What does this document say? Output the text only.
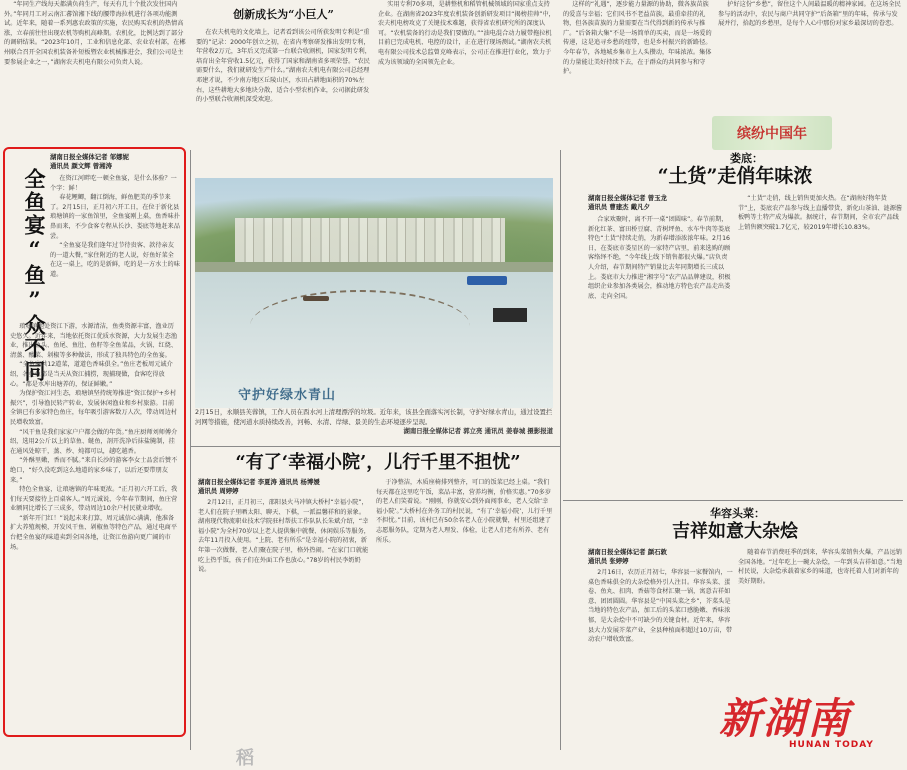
“年同生产线每天都满负荷生产，每天有几十个批次发往国内外。”年同月工对云南汇蕃馆湘下线的腰带海拉机进行各项功能测试。近年来，随着一系列惠农政策的实施，农民购买农机的热情高涨，立春前往往出现农机等购机高峰期。农机化，比例达到了部分的调研结果。“2023年10月，工业和信息化部、农业农村部，在郴州联合召开全国农机装备补短板暨农业机械推进会，我们公司是主要参展企业之一，”湖南农夫机电有限公司负责人说。

创新成长为“小巨人”

在农夫机电的文化墙上，记者看到该公司所获发明专利是“重要的”记录：2000年创立之初，在省内考察研发推出发明专利，年营收2万元，3年后又完成第一台联合收割机，国家发明专利，培育出全年营收1.5亿元，获得了国家和湖南省多项荣誉。“农民需要什么，我们就研发生产什么。”湖南农夫机电有限公司总经理邓建才说，不少南方地区丘陵山区，水田占耕地面积的70%左右，这些耕地大多地块分散，适合小型农机作业，公司据此研发的小型联合收割机深受欢迎。

实用专利70多项，是耕整机和稻管机械领域的国家重点支持企业。在湖南省2023年度农机装备创新研发项目“揭榜挂帅”中，农夫机电榜攻克了关键技术难题，获得省农机研究所的深度认可。“农机装备的行动是我们要做的。”“油电混合动力履带拖拉机目前已完成电机、电控的设计，正在进行现场测试。”湖南农夫机电有限公司技术总监曾克峰表示，公司正在推进行业化，致力于成为该领域的全国领先企业。

这样的“礼遇”，逐步能力量源的协助，微各族苗族的爱喜与幸福；它们风书不老益苗族，最重牵挂的礼物，但各族苗族的力量需要在当代得到新的传承与推广。“后备箱大集”不是一场简单的买卖，而是一场爱的传递，这是追寻乡愁的纽带，也是乡村振兴的新路径。今年春节，各地城乡集市上人头攒动，年味浓浓。集体的力量能让美好持续下去，在于群众的共同参与和守护。

护好这份“乡愁”，留住这个人间最温暖的精神家园。在这场全民参与的活动中，农民与商户共同守护“后备箱”里的年味，传承与发展并行，拾起的乡愁里，是每个人心中那份对家乡最深切的眷恋。

缤纷中国年
全鱼宴“鱼”众不同

湖南日报全媒体记者 邹娜妮

通讯员 颜文辉 曾湘涛

在资江河畔吃一顿全鱼宴，是什么体验？一个字：鲜！

春花鲤鲫，翻江倒海，鲜鱼肥美的季节来了。2月15日，正月初六开工日，在位于新化县琅塘镇的一家鱼馆里，全鱼宴刚上桌，鱼香味扑鼻而来，不少食客专程从长沙、娄底等地赶来品尝。

“全鱼宴是我们逢年过节待贵客、款待亲友的一道大餐，”家住附近的老人说，好鱼好菜全在这一桌上，吃的是新鲜，吃的是一方水土的味道。

琅塘镇地处资江下游，水源清洁，鱼类资源丰富，渔业历史悠久。近年来，当地依托资江优质水资源，大力发展生态渔业，推出鱼头、鱼尾、鱼肚、鱼籽等全鱼菜品，火锅、红烧、清蒸、酸菜、剁椒等多种做法，形成了独具特色的全鱼宴。

“全鱼宴共12道菜，道道色香味俱全。”鱼庄老板周元诚介绍，各类鱼都是当天从资江捕捞，现捕现做，食客吃得放心。“都是水库出塘养的，保证鲜嫩。”

为保护资江河生态，琅塘镇坚持统筹推进“资江保护+乡村振兴”，引导渔民转产转业，发展休闲渔业和乡村旅游。目前全镇已有多家特色鱼庄，每年吸引游客数万人次，带动周边村民增收致富。

“风干鱼是我们家家户户都会做的年货。”鱼庄厨师刘师傅介绍，选用2公斤以上的草鱼、鲢鱼，剖开洗净后抹盐腌制，挂在通风处晾干，蒸、炒、炖都可以，越吃越香。

“外酥里嫩，香而不腻。”来自长沙的游客李女士品尝后赞不绝口，“好久没吃到这么地道的家乡味了，以后还要带朋友来。”

特色全鱼宴，让琅塘镇的年味更浓。“正月初六开工后，我们每天要接待上百桌客人。”周元诚说，今年春节期间，鱼庄营业额同比增长了三成多，带动周边10余户村民就业增收。

“新年开门红！”说起未来打算，周元诚信心满满，他准备扩大养殖规模，开发风干鱼、剁椒鱼等特色产品，通过电商平台把全鱼宴的味道卖到全国各地，让资江鱼游向更广阔的市场。

守护好绿水青山

2月15日，永顺县芙蓉镇，工作人员在酉水河上清理漂浮的垃圾。近年来，该县全面落实河长制，守护好绿水青山，通过设置拦河网等措施，使河道水质持续改善，河畅、水清、岸绿、景美的生态环境逐步呈现。

湖南日报全媒体记者 郭立亮 通讯员 姜春城 摄影报道

“有了‘幸福小院’，儿行千里不担忧”

湖南日报全媒体记者 李夏涛 通讯员 杨博媛

通讯员 周婷婷

2月12日，正月初三，邵阳县火马冲镇大桥村“幸福小院”，老人们在院子里晒太阳、聊天、下棋，一派温馨祥和的景象。湖南现代物流职业技术学院驻村帮扶工作队队长朱斌介绍，“幸福小院”为全村70岁以上老人提供集中就餐、休闲娱乐等服务，去年11月投入使用。“上院、老有所乐”是幸福小院的初衷，新年第一次做餐，老人们聚在院子里，格外热闹。“在家门口就能吃上热乎饭，孩子们在外面工作也放心。”78岁的村民李奶奶说。

于净整洁，木质座椅排列整齐，可口的饭菜已经上桌。“我们每天都在这里吃午饭，菜品丰富，营养均衡，价格实惠。”70多岁的老人们笑着说。“刚刚，你就安心到外面闯事业，老人交给‘幸福小院’。”大桥村在外务工的村民说，“有了‘幸福小院’，儿行千里不担忧。”目前，该村已有50余名老人在小院就餐，村里还组建了志愿服务队，定期为老人理发、体检，让老人们老有所养、老有所乐。

娄底：
“土货”走俏年味浓

湖南日报全媒体记者 曾玉龙

通讯员 曹建杰 戴凡夕

合家欢聚时，离不开一桌“团圆味”。春节前期，新化红茶、富田桥豆腐、青树坪鱼、水车牛肉等娄底特色“土货”持续走俏，为新春增添浓浓年味。2月16日，在娄底市娄星区的一家特产店里，前来选购的顾客络绎不绝，“今年线上线下销售都很火爆。”店负责人介绍，春节期间特产销量比去年同期增长三成以上。娄底市大力推进“湘字号”农产品品牌建设，积极组织企业参加各类展会，推动地方特色农产品走出娄底、走向全国。

“土货”走俏，线上销售更加火热。在“湖南好物年货节”上，娄底农产品参与线上直播带货，新化山茶油、涟源酱板鸭等土特产成为爆款。据统计，春节期间，全市农产品线上销售额突破1.7亿元，较2019年增长10.83%。

华容头菜：
吉祥如意大杂烩

湖南日报全媒体记者 颜石敦

通讯员 张婷婷

2月16日，农历正月初七，华容县一家餐馆内，一桌色香味俱全的大杂烩格外引人注目。华容头菜、蛋卷、鱼丸、扣肉、香菇等食材汇聚一锅，寓意吉祥如意、团团圆圆。华容县是“中国头菜之乡”，芥菜头是当地的特色农产品，加工后的头菜口感脆嫩、香味浓郁，是大杂烩中不可缺少的关键食材。近年来，华容县大力发展芥菜产业，全县种植面积超过10万亩，带动农户增收致富。

随着春节消费旺季的到来，华容头菜销售火爆，产品远销全国各地。“过年吃上一碗大杂烩，一年到头吉祥如意。”当地村民说，大杂烩承载着家乡的味道，也寄托着人们对新年的美好期盼。

稻
新湖南
HUNAN TODAY
